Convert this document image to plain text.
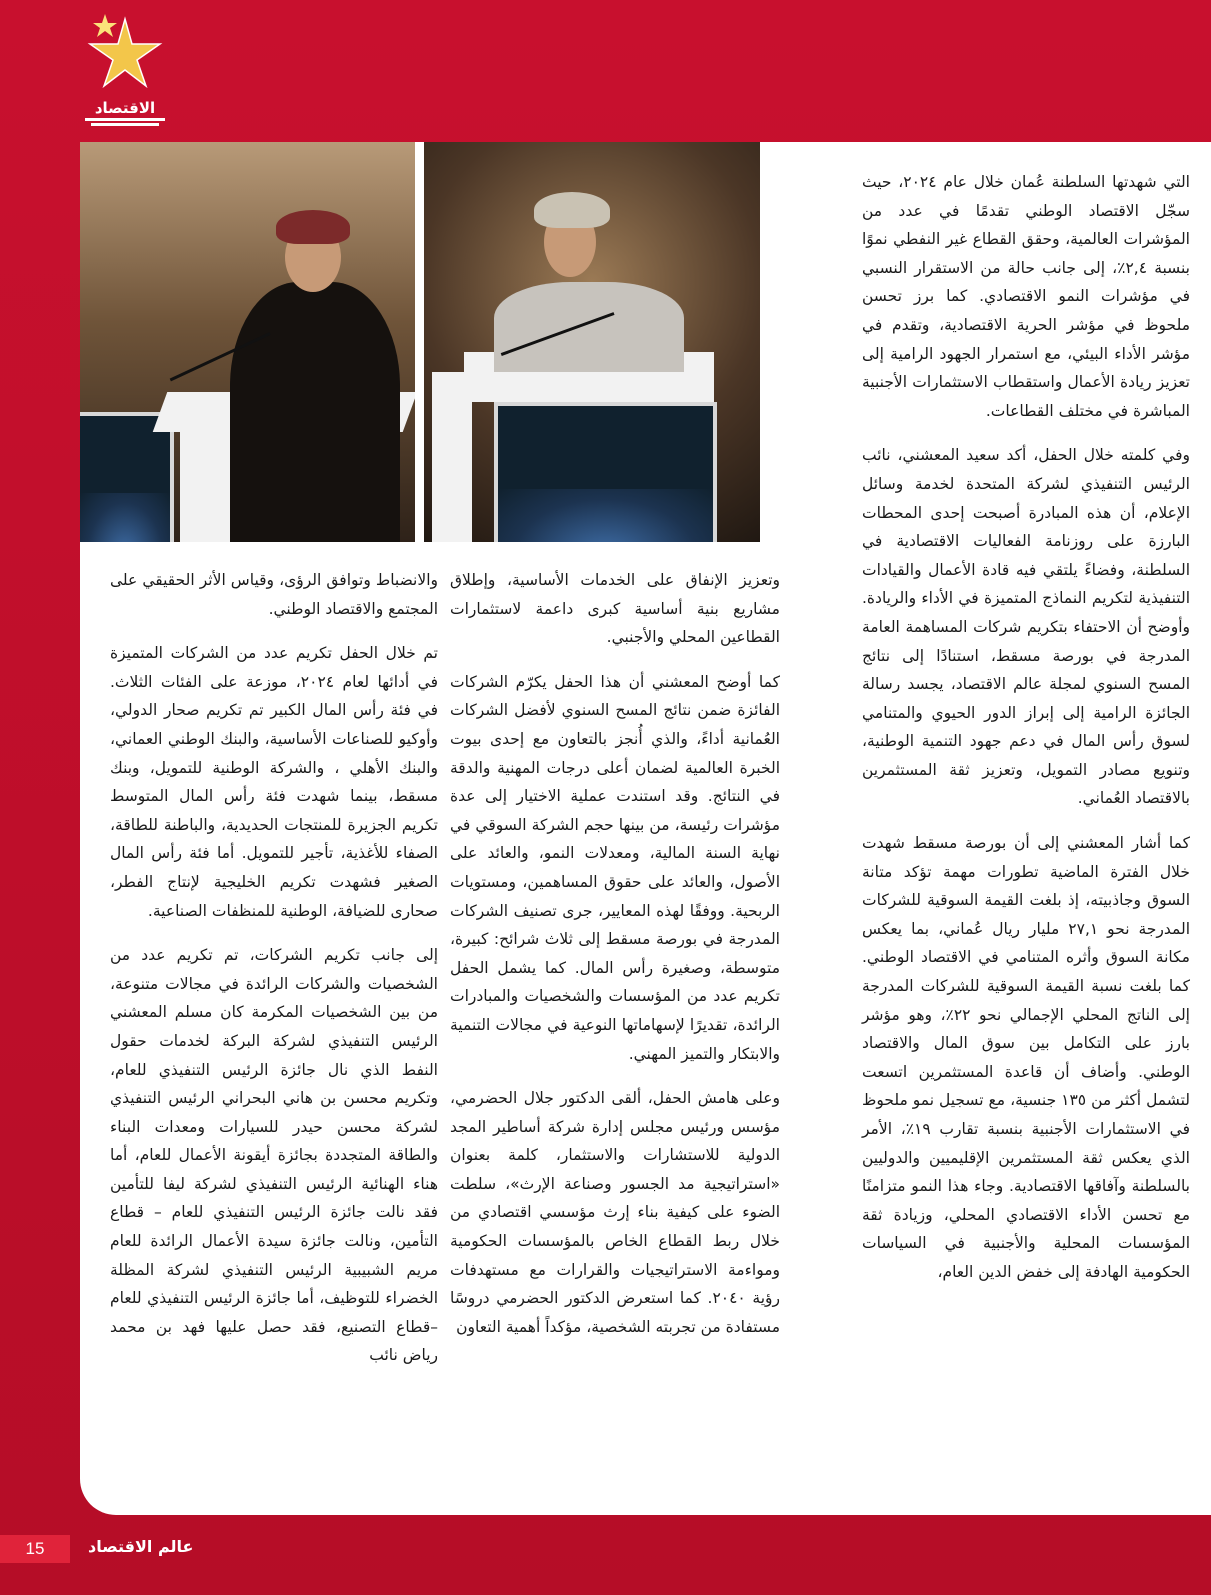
الاقتصاد

التي شهدتها السلطنة عُمان خلال عام ٢٠٢٤، حيث سجّل الاقتصاد الوطني تقدمًا في عدد من المؤشرات العالمية، وحقق القطاع غير النفطي نموًا بنسبة ٢,٤٪، إلى جانب حالة من الاستقرار النسبي في مؤشرات النمو الاقتصادي. كما برز تحسن ملحوظ في مؤشر الحرية الاقتصادية، وتقدم في مؤشر الأداء البيئي، مع استمرار الجهود الرامية إلى تعزيز ريادة الأعمال واستقطاب الاستثمارات الأجنبية المباشرة في مختلف القطاعات.

وفي كلمته خلال الحفل، أكد سعيد المعشني، نائب الرئيس التنفيذي لشركة المتحدة لخدمة وسائل الإعلام، أن هذه المبادرة أصبحت إحدى المحطات البارزة على روزنامة الفعاليات الاقتصادية في السلطنة، وفضاءً يلتقي فيه قادة الأعمال والقيادات التنفيذية لتكريم النماذج المتميزة في الأداء والريادة. وأوضح أن الاحتفاء بتكريم شركات المساهمة العامة المدرجة في بورصة مسقط، استنادًا إلى نتائج المسح السنوي لمجلة عالم الاقتصاد، يجسد رسالة الجائزة الرامية إلى إبراز الدور الحيوي والمتنامي لسوق رأس المال في دعم جهود التنمية الوطنية، وتنويع مصادر التمويل، وتعزيز ثقة المستثمرين بالاقتصاد العُماني.

كما أشار المعشني إلى أن بورصة مسقط شهدت خلال الفترة الماضية تطورات مهمة تؤكد متانة السوق وجاذبيته، إذ بلغت القيمة السوقية للشركات المدرجة نحو ٢٧,١ مليار ريال عُماني، بما يعكس مكانة السوق وأثره المتنامي في الاقتصاد الوطني. كما بلغت نسبة القيمة السوقية للشركات المدرجة إلى الناتج المحلي الإجمالي نحو ٢٢٪، وهو مؤشر بارز على التكامل بين سوق المال والاقتصاد الوطني. وأضاف أن قاعدة المستثمرين اتسعت لتشمل أكثر من ١٣٥ جنسية، مع تسجيل نمو ملحوظ في الاستثمارات الأجنبية بنسبة تقارب ١٩٪، الأمر الذي يعكس ثقة المستثمرين الإقليميين والدوليين بالسلطنة وآفاقها الاقتصادية. وجاء هذا النمو متزامنًا مع تحسن الأداء الاقتصادي المحلي، وزيادة ثقة المؤسسات المحلية والأجنبية في السياسات الحكومية الهادفة إلى خفض الدين العام،

وتعزيز الإنفاق على الخدمات الأساسية، وإطلاق مشاريع بنية أساسية كبرى داعمة لاستثمارات القطاعين المحلي والأجنبي.

كما أوضح المعشني أن هذا الحفل يكرّم الشركات الفائزة ضمن نتائج المسح السنوي لأفضل الشركات العُمانية أداءً، والذي أُنجز بالتعاون مع إحدى بيوت الخبرة العالمية لضمان أعلى درجات المهنية والدقة في النتائج. وقد استندت عملية الاختيار إلى عدة مؤشرات رئيسة، من بينها حجم الشركة السوقي في نهاية السنة المالية، ومعدلات النمو، والعائد على الأصول، والعائد على حقوق المساهمين، ومستويات الربحية. ووفقًا لهذه المعايير، جرى تصنيف الشركات المدرجة في بورصة مسقط إلى ثلاث شرائح: كبيرة، متوسطة، وصغيرة رأس المال. كما يشمل الحفل تكريم عدد من المؤسسات والشخصيات والمبادرات الرائدة، تقديرًا لإسهاماتها النوعية في مجالات التنمية والابتكار والتميز المهني.

وعلى هامش الحفل، ألقى الدكتور جلال الحضرمي، مؤسس ورئيس مجلس إدارة شركة أساطير المجد الدولية للاستشارات والاستثمار، كلمة بعنوان «استراتيجية مد الجسور وصناعة الإرث»، سلطت الضوء على كيفية بناء إرث مؤسسي اقتصادي من خلال ربط القطاع الخاص بالمؤسسات الحكومية ومواءمة الاستراتيجيات والقرارات مع مستهدفات رؤية ٢٠٤٠. كما استعرض الدكتور الحضرمي دروسًا مستفادة من تجربته الشخصية، مؤكداً أهمية التعاون

والانضباط وتوافق الرؤى، وقياس الأثر الحقيقي على المجتمع والاقتصاد الوطني.

تم خلال الحفل تكريم عدد من الشركات المتميزة في أدائها لعام ٢٠٢٤، موزعة على الفئات الثلاث. في فئة رأس المال الكبير تم تكريم صحار الدولي، وأوكيو للصناعات الأساسية، والبنك الوطني العماني، والبنك الأهلي ، والشركة الوطنية للتمويل، وبنك مسقط، بينما شهدت فئة رأس المال المتوسط تكريم الجزيرة للمنتجات الحديدية، والباطنة للطاقة، الصفاء للأغذية، تأجير للتمويل. أما فئة رأس المال الصغير فشهدت تكريم الخليجية لإنتاج الفطر، صحارى للضيافة، الوطنية للمنظفات الصناعية.

إلى جانب تكريم الشركات، تم تكريم عدد من الشخصيات والشركات الرائدة في مجالات متنوعة، من بين الشخصيات المكرمة كان مسلم المعشني الرئيس التنفيذي لشركة البركة لخدمات حقول النفط الذي نال جائزة الرئيس التنفيذي للعام، وتكريم محسن بن هاني البحراني الرئيس التنفيذي لشركة محسن حيدر للسيارات ومعدات البناء والطاقة المتجددة بجائزة أيقونة الأعمال للعام، أما هناء الهنائية الرئيس التنفيذي لشركة ليفا للتأمين فقد نالت جائزة الرئيس التنفيذي للعام – قطاع التأمين، ونالت جائزة سيدة الأعمال الرائدة للعام مريم الشبيبية الرئيس التنفيذي لشركة المظلة الخضراء للتوظيف، أما جائزة الرئيس التنفيذي للعام –قطاع التصنيع، فقد حصل عليها فهد بن محمد رياض نائب

15	عالم الاقتصاد
